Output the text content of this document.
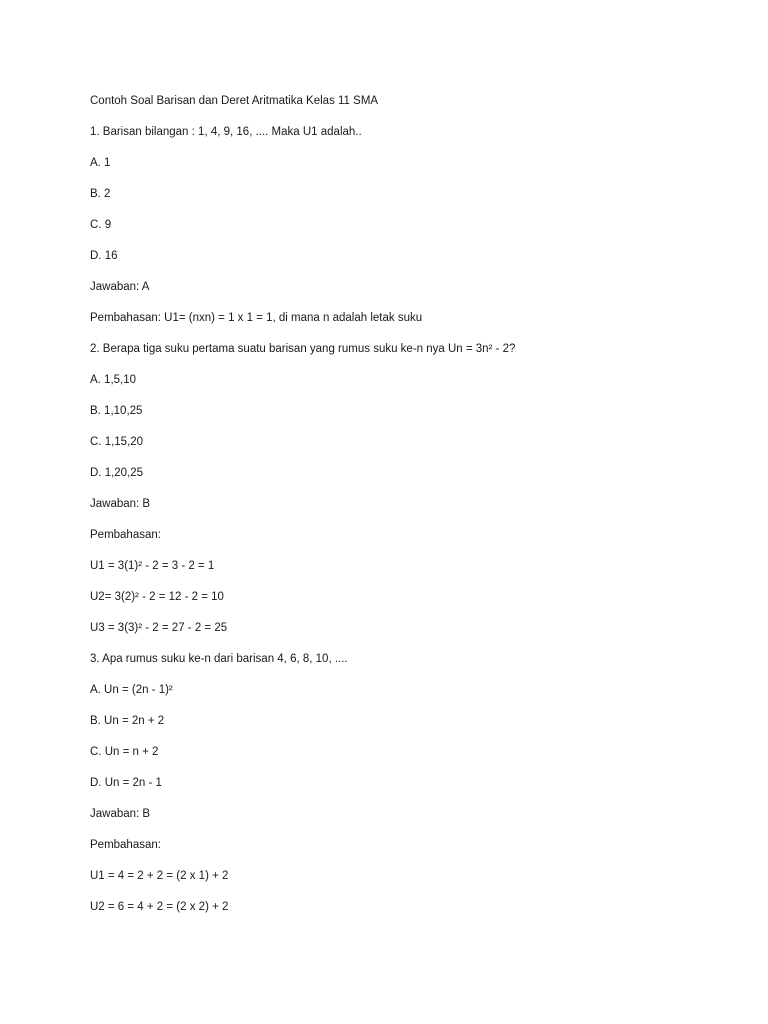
Contoh Soal Barisan dan Deret Aritmatika Kelas 11 SMA
1. Barisan bilangan : 1, 4, 9, 16, .... Maka U1 adalah..
A. 1
B. 2
C. 9
D. 16
Jawaban: A
Pembahasan: U1= (nxn) = 1 x 1 = 1, di mana n adalah letak suku
2. Berapa tiga suku pertama suatu barisan yang rumus suku ke-n nya Un = 3n² - 2?
A. 1,5,10
B. 1,10,25
C. 1,15,20
D. 1,20,25
Jawaban: B
Pembahasan:
U1 = 3(1)² - 2 = 3 - 2 = 1
U2= 3(2)² - 2 = 12 - 2 = 10
U3 = 3(3)² - 2 = 27 - 2 = 25
3. Apa rumus suku ke-n dari barisan 4, 6, 8, 10, ....
A. Un = (2n - 1)²
B. Un = 2n + 2
C. Un = n + 2
D. Un = 2n - 1
Jawaban: B
Pembahasan:
U1 = 4 = 2 + 2 = (2 x 1) + 2
U2 = 6 = 4 + 2 = (2 x 2) + 2
